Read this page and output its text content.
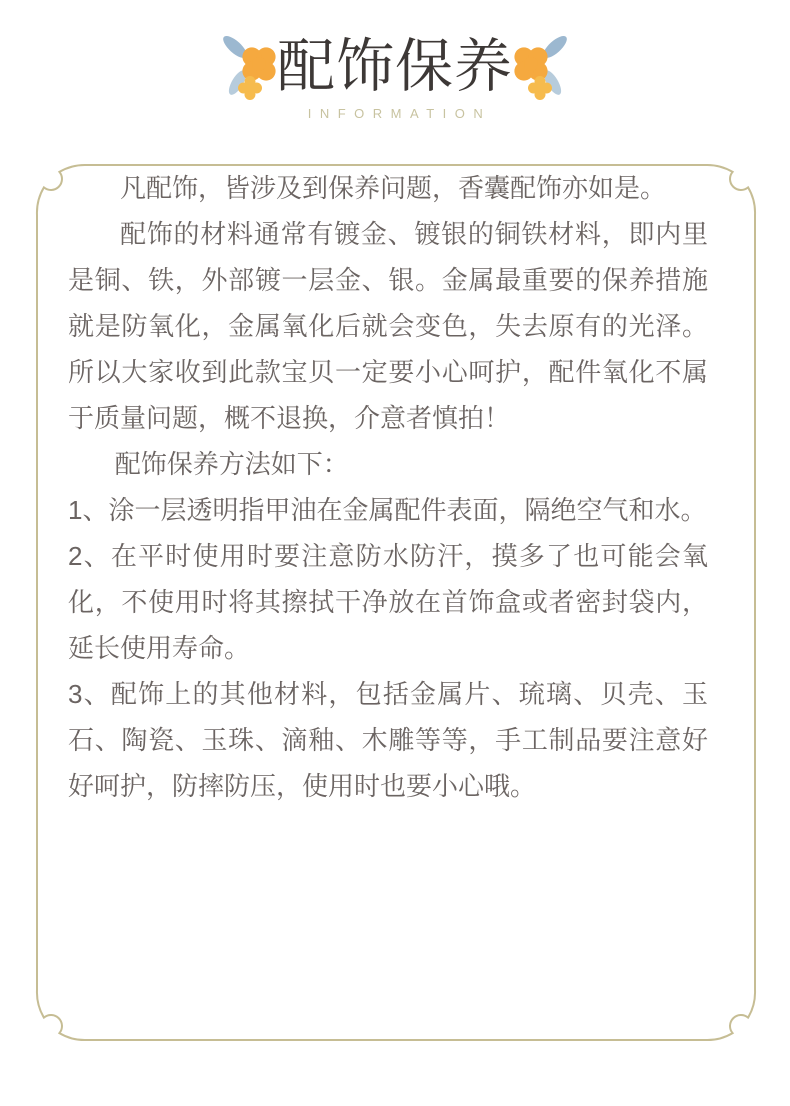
配饰保养
INFORMATION

凡配饰，皆涉及到保养问题，香囊配饰亦如是。

配饰的材料通常有镀金、镀银的铜铁材料，即内里是铜、铁，外部镀一层金、银。金属最重要的保养措施就是防氧化，金属氧化后就会变色，失去原有的光泽。所以大家收到此款宝贝一定要小心呵护，配件氧化不属于质量问题，概不退换，介意者慎拍！

配饰保养方法如下：

1、涂一层透明指甲油在金属配件表面，隔绝空气和水。

2、在平时使用时要注意防水防汗，摸多了也可能会氧化，不使用时将其擦拭干净放在首饰盒或者密封袋内，延长使用寿命。

3、配饰上的其他材料，包括金属片、琉璃、贝壳、玉石、陶瓷、玉珠、滴釉、木雕等等，手工制品要注意好好呵护，防摔防压，使用时也要小心哦。
